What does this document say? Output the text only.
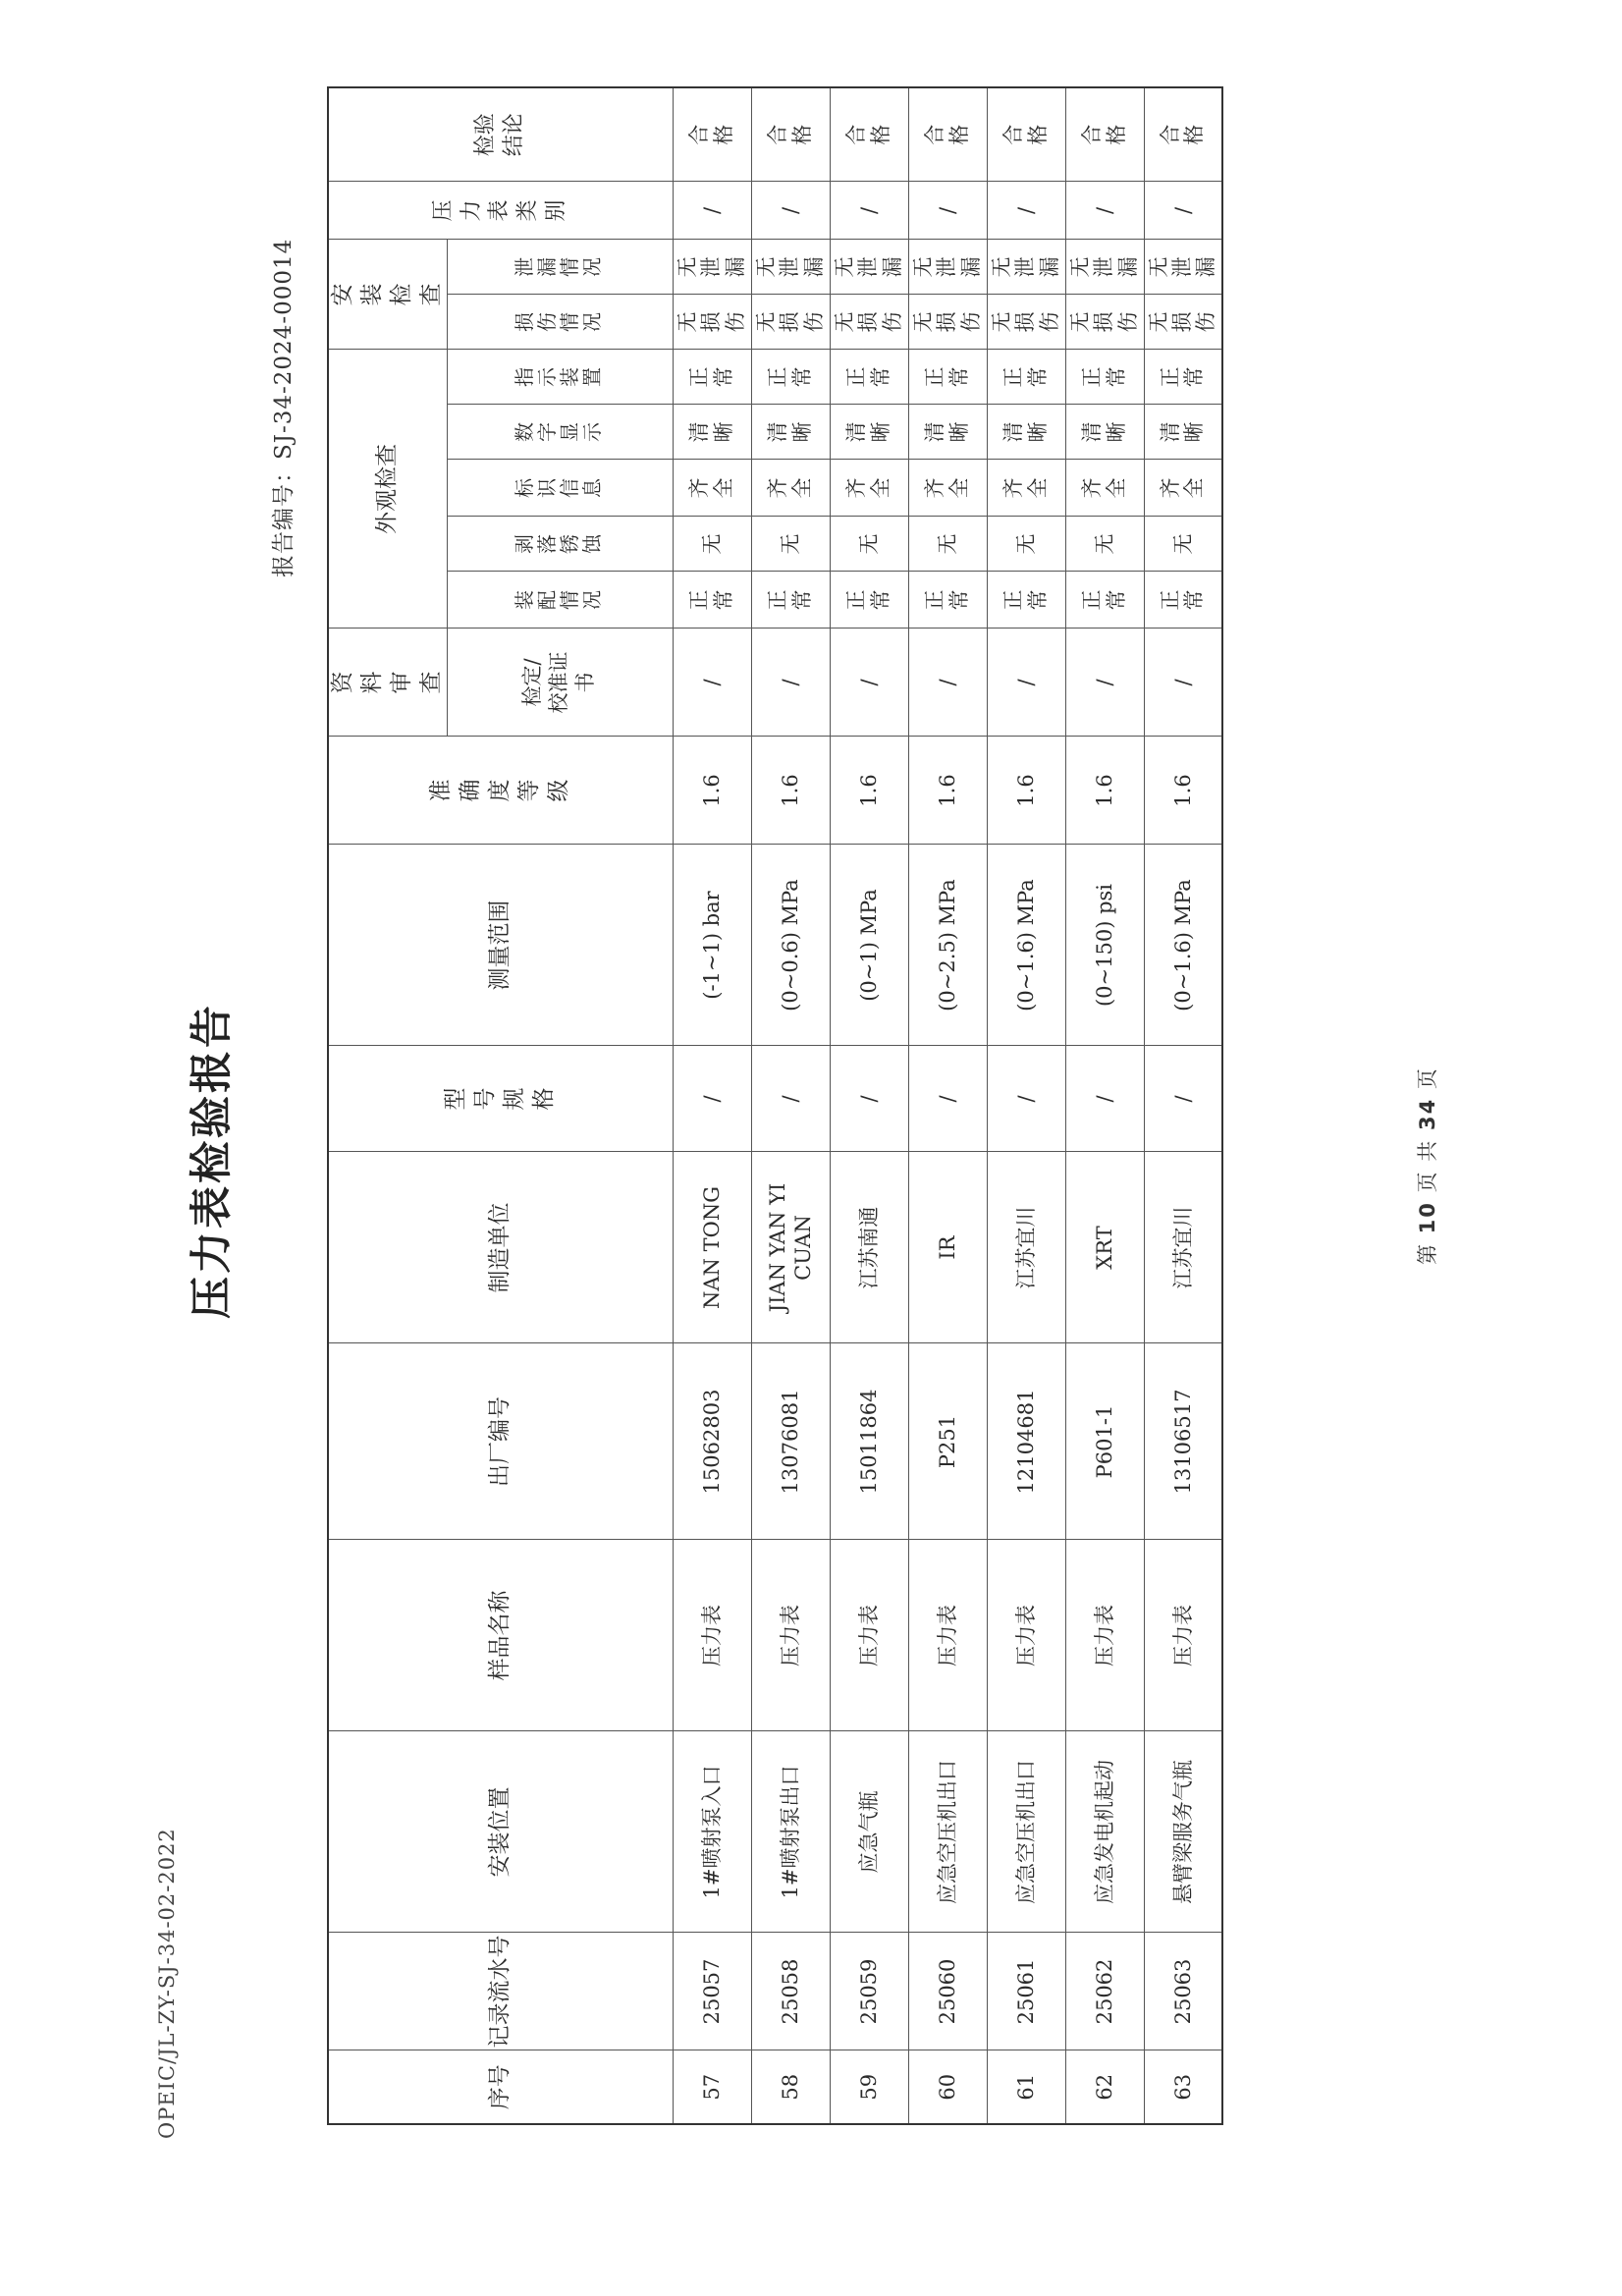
OPEIC/JL-ZY-SJ-34-02-2022
压力表检验报告
报告编号：SJ-34-2024-00014
序号	记录流水号	安装位置	样品名称	出厂编号	制造单位	型号规格	测量范围	准确度等级	资料审查	外观检查					安装检查		压力表类别	检验结论
									检定/校准证书	装配情况	剥落锈蚀	标识信息	数字显示	指示装置	损伤情况	泄漏情况		
57	25057	1#喷射泵入口	压力表	15062803	NAN TONG	/	(-1~1) bar	1.6	/	正常	无	齐全	清晰	正常	无损伤	无泄漏	/	合格
58	25058	1#喷射泵出口	压力表	13076081	JIAN YAN YI CUAN	/	(0~0.6) MPa	1.6	/	正常	无	齐全	清晰	正常	无损伤	无泄漏	/	合格
59	25059	应急气瓶	压力表	15011864	江苏南通	/	(0~1) MPa	1.6	/	正常	无	齐全	清晰	正常	无损伤	无泄漏	/	合格
60	25060	应急空压机出口	压力表	P251	IR	/	(0~2.5) MPa	1.6	/	正常	无	齐全	清晰	正常	无损伤	无泄漏	/	合格
61	25061	应急空压机出口	压力表	12104681	江苏宜川	/	(0~1.6) MPa	1.6	/	正常	无	齐全	清晰	正常	无损伤	无泄漏	/	合格
62	25062	应急发电机起动	压力表	P601-1	XRT	/	(0~150) psi	1.6	/	正常	无	齐全	清晰	正常	无损伤	无泄漏	/	合格
63	25063	悬臂梁服务气瓶	压力表	13106517	江苏宜川	/	(0~1.6) MPa	1.6	/	正常	无	齐全	清晰	正常	无损伤	无泄漏	/	合格
第 10 页 共 34 页
